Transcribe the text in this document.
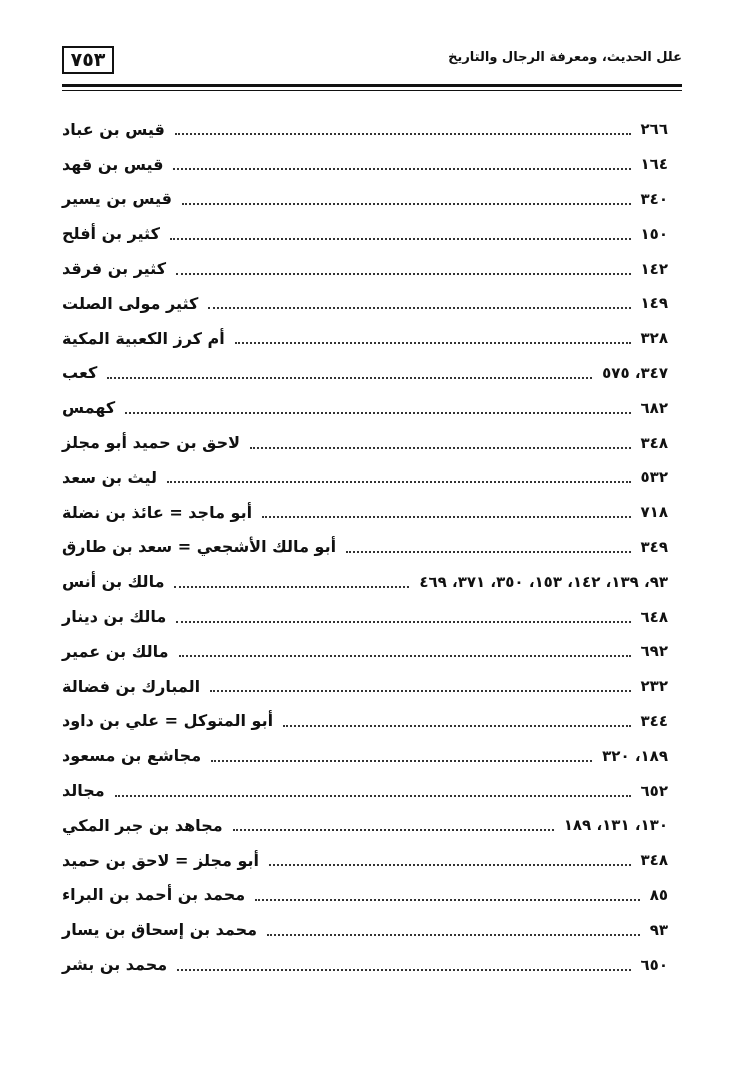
٧٥٣	علل الحديث، ومعرفة الرجال والتاريخ
قيس بن عباد	٢٦٦
قيس بن قهد	١٦٤
قيس بن يسير	٣٤٠
كثير بن أفلح	١٥٠
كثير بن فرقد	١٤٢
كثير مولى الصلت	١٤٩
أم كرز الكعبية المكية	٣٢٨
كعب	٣٤٧، ٥٧٥
كهمس	٦٨٢
لاحق بن حميد أبو مجلز	٣٤٨
ليث بن سعد	٥٣٢
أبو ماجد = عائذ بن نضلة	٧١٨
أبو مالك الأشجعي = سعد بن طارق	٣٤٩
مالك بن أنس	٩٣، ١٣٩، ١٤٢، ١٥٣، ٣٥٠، ٣٧١، ٤٦٩
مالك بن دينار	٦٤٨
مالك بن عمير	٦٩٢
المبارك بن فضالة	٢٣٢
أبو المتوكل = علي بن داود	٣٤٤
مجاشع بن مسعود	١٨٩، ٣٢٠
مجالد	٦٥٢
مجاهد بن جبر المكي	١٣٠، ١٣١، ١٨٩
أبو مجلز = لاحق بن حميد	٣٤٨
محمد بن أحمد بن البراء	٨٥
محمد بن إسحاق بن يسار	٩٣
محمد بن بشر	٦٥٠
